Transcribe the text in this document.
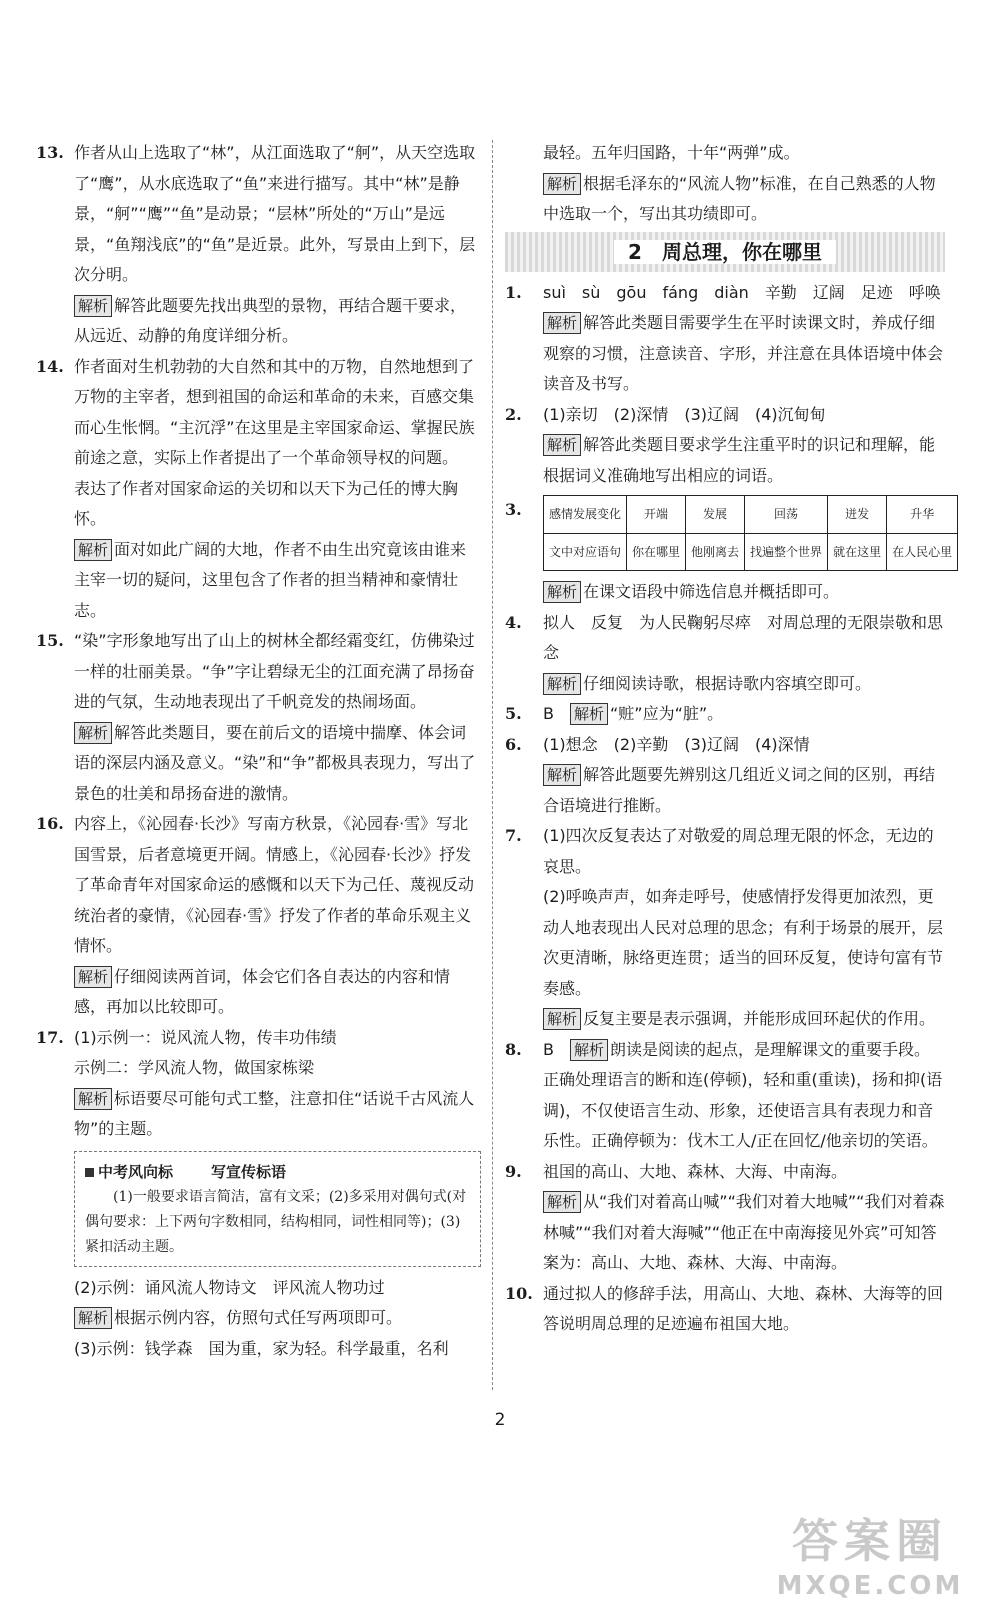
13. 作者从山上选取了“林”，从江面选取了“舸”，从天空选取了“鹰”，从水底选取了“鱼”来进行描写。其中“林”是静景，“舸”“鹰”“鱼”是动景；“层林”所处的“万山”是远景，“鱼翔浅底”的“鱼”是近景。此外，写景由上到下，层次分明。

解析 解答此题要先找出典型的景物，再结合题干要求，从远近、动静的角度详细分析。

14. 作者面对生机勃勃的大自然和其中的万物，自然地想到了万物的主宰者，想到祖国的命运和革命的未来，百感交集而心生怅惘。“主沉浮”在这里是主宰国家命运、掌握民族前途之意，实际上作者提出了一个革命领导权的问题。　表达了作者对国家命运的关切和以天下为己任的博大胸怀。

解析 面对如此广阔的大地，作者不由生出究竟该由谁来主宰一切的疑问，这里包含了作者的担当精神和豪情壮志。

15. “染”字形象地写出了山上的树林全都经霜变红，仿佛染过一样的壮丽美景。“争”字让碧绿无尘的江面充满了昂扬奋进的气氛，生动地表现出了千帆竞发的热闹场面。

解析 解答此类题目，要在前后文的语境中揣摩、体会词语的深层内涵及意义。“染”和“争”都极具表现力，写出了景色的壮美和昂扬奋进的激情。

16. 内容上，《沁园春·长沙》写南方秋景，《沁园春·雪》写北国雪景，后者意境更开阔。情感上，《沁园春·长沙》抒发了革命青年对国家命运的感慨和以天下为己任、蔑视反动统治者的豪情，《沁园春·雪》抒发了作者的革命乐观主义情怀。

解析 仔细阅读两首词，体会它们各自表达的内容和情感，再加以比较即可。

17. (1)示例一：说风流人物，传丰功伟绩

示例二：学风流人物，做国家栋梁

解析 标语要尽可能句式工整，注意扣住“话说千古风流人物”的主题。

中考风向标	写宣传标语
(1)一般要求语言简洁，富有文采；(2)多采用对偶句式(对偶句要求：上下两句字数相同，结构相同，词性相同等)；(3)紧扣活动主题。

(2)示例：诵风流人物诗文　评风流人物功过

解析 根据示例内容，仿照句式任写两项即可。

(3)示例：钱学森　国为重，家为轻。科学最重，名利

最轻。五年归国路，十年“两弹”成。

解析 根据毛泽东的“风流人物”标准，在自己熟悉的人物中选取一个，写出其功绩即可。

2　周总理，你在哪里
1. suì　sù　gōu　fáng　diàn　辛勤　辽阔　足迹　呼唤

解析 解答此类题目需要学生在平时读课文时，养成仔细观察的习惯，注意读音、字形，并注意在具体语境中体会读音及书写。

2. (1)亲切　(2)深情　(3)辽阔　(4)沉甸甸

解析 解答此类题目要求学生注重平时的识记和理解，能根据词义准确地写出相应的词语。

3. 感情发展变化	开端	发展	回荡	迸发	升华
文中对应语句	你在哪里	他刚离去	找遍整个世界	就在这里	在人民心里

解析 在课文语段中筛选信息并概括即可。

4. 拟人　反复　为人民鞠躬尽瘁　对周总理的无限崇敬和思念

解析 仔细阅读诗歌，根据诗歌内容填空即可。

5. B　 解析 “赃”应为“脏”。

6. (1)想念　(2)辛勤　(3)辽阔　(4)深情

解析 解答此题要先辨别这几组近义词之间的区别，再结合语境进行推断。

7. (1)四次反复表达了对敬爱的周总理无限的怀念，无边的哀思。

(2)呼唤声声，如奔走呼号，使感情抒发得更加浓烈，更动人地表现出人民对总理的思念；有利于场景的展开，层次更清晰，脉络更连贯；适当的回环反复，使诗句富有节奏感。

解析 反复主要是表示强调，并能形成回环起伏的作用。

8. B　 解析 朗读是阅读的起点，是理解课文的重要手段。正确处理语言的断和连(停顿)，轻和重(重读)，扬和抑(语调)，不仅使语言生动、形象，还使语言具有表现力和音乐性。正确停顿为：伐木工人/正在回忆/他亲切的笑语。

9. 祖国的高山、大地、森林、大海、中南海。

解析 从“我们对着高山喊”“我们对着大地喊”“我们对着森林喊”“我们对着大海喊”“他正在中南海接见外宾”可知答案为：高山、大地、森林、大海、中南海。

10. 通过拟人的修辞手法，用高山、大地、森林、大海等的回答说明周总理的足迹遍布祖国大地。

2
答案圈
MXQE.COM
